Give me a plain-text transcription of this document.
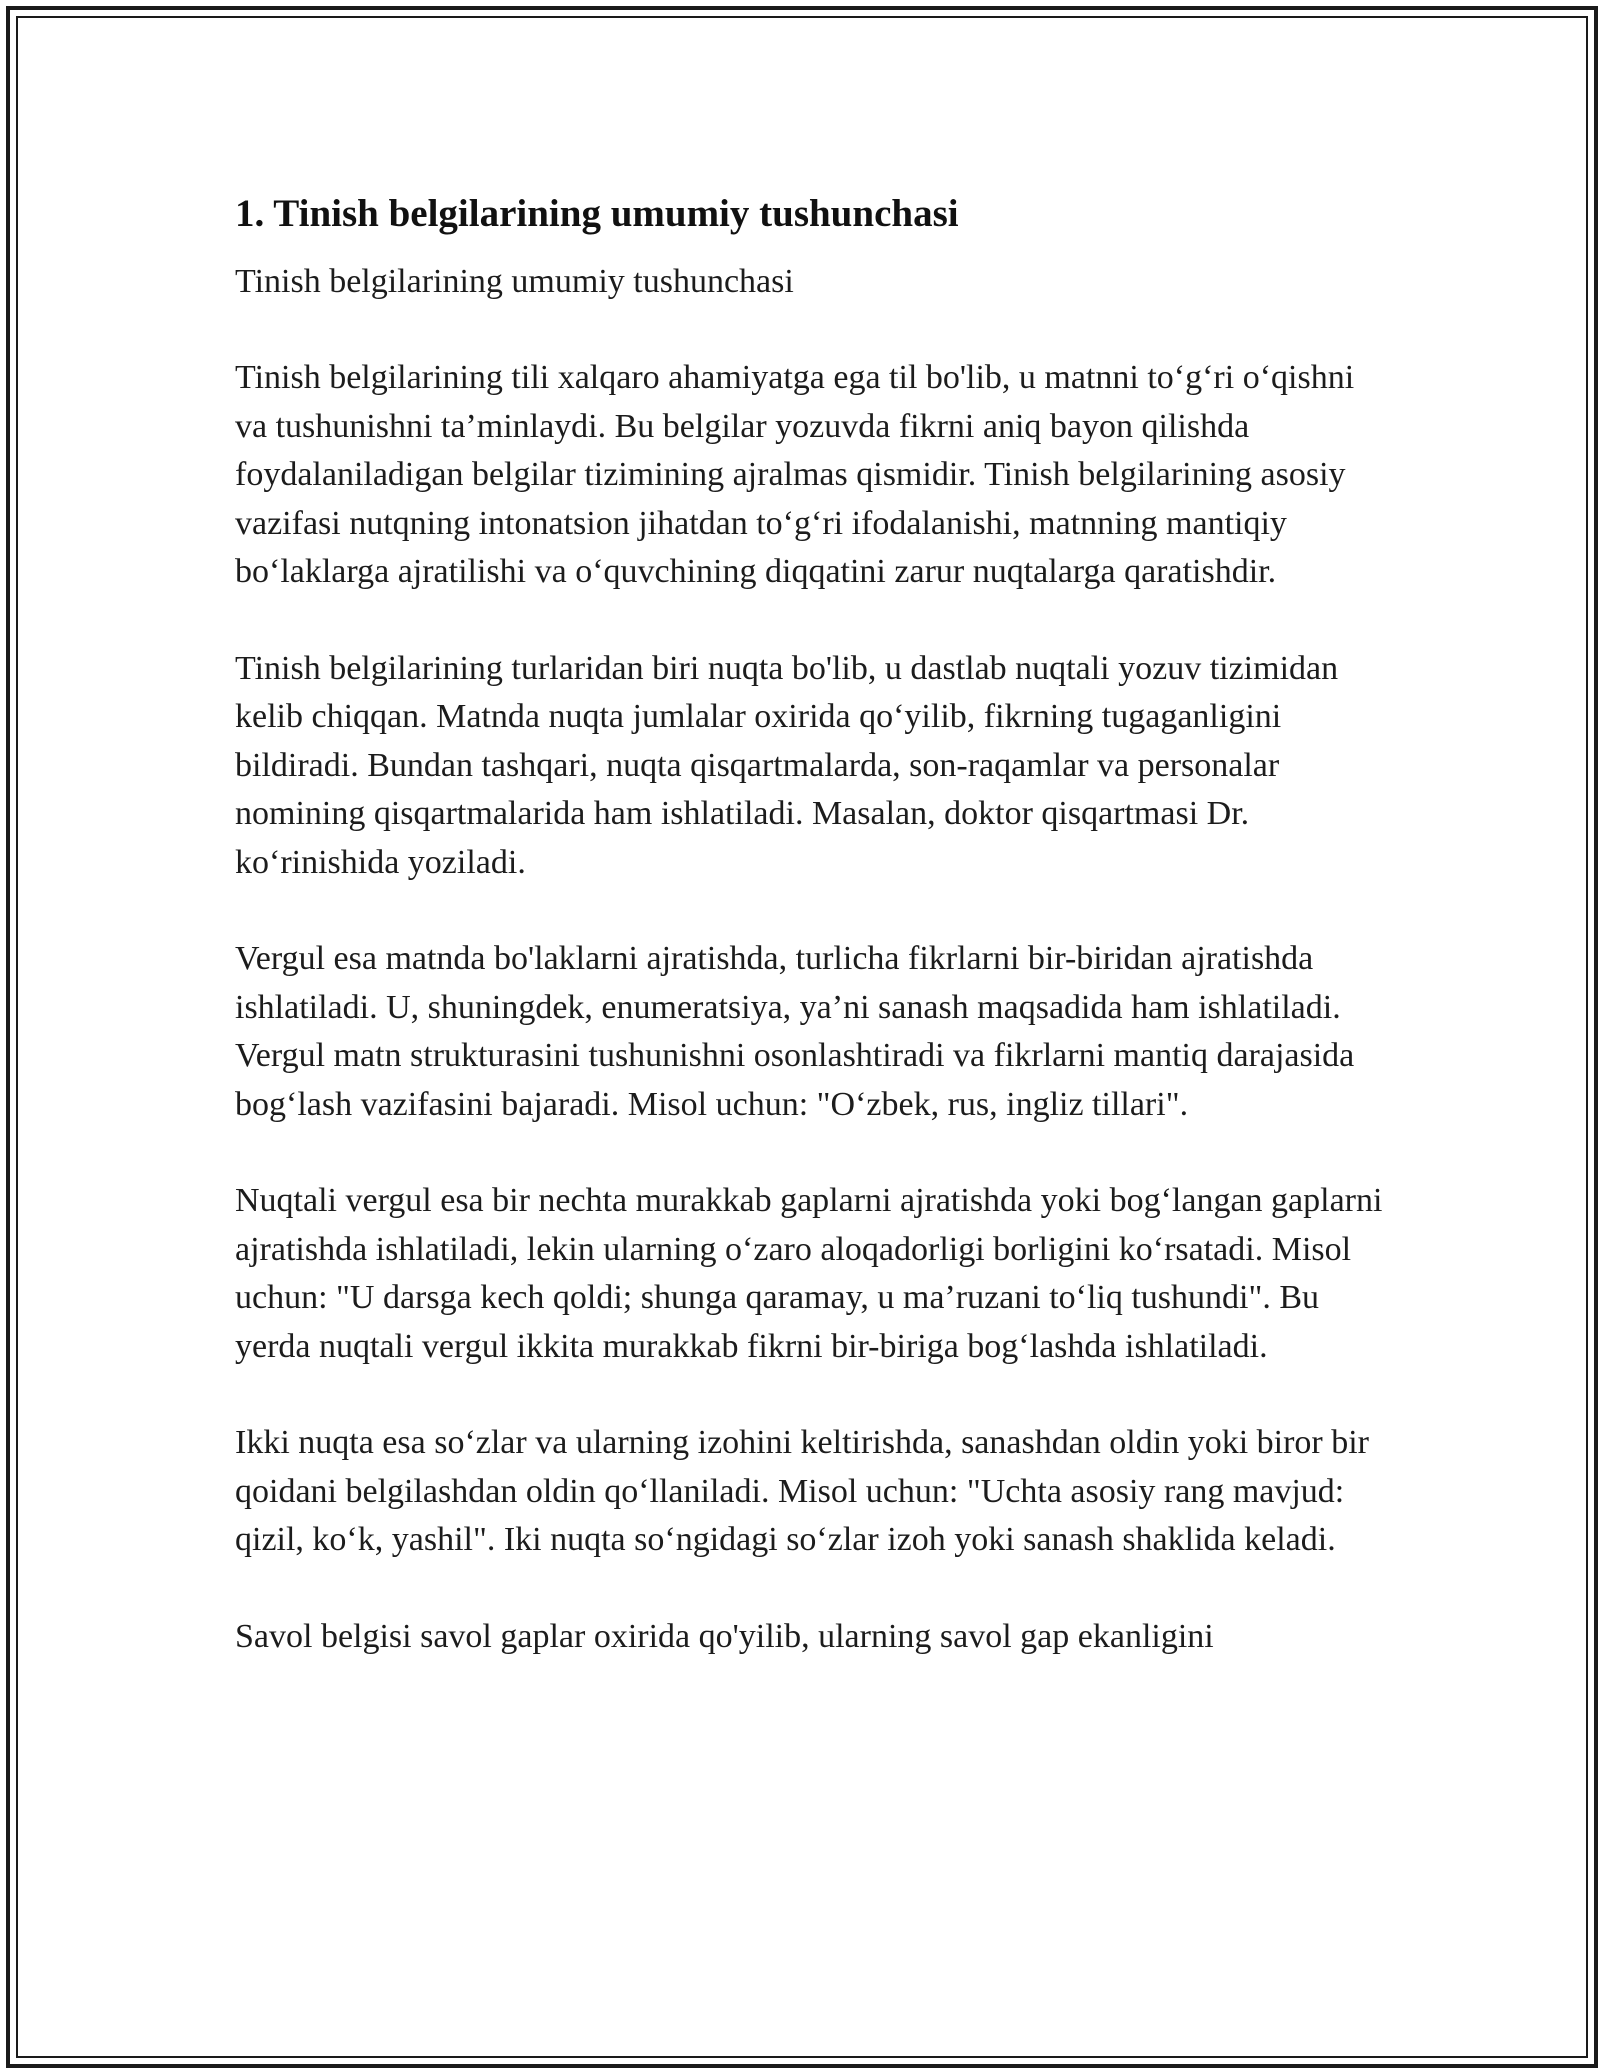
1. Tinish belgilarining umumiy tushunchasi

Tinish belgilarining umumiy tushunchasi

Tinish belgilarining tili xalqaro ahamiyatga ega til bo'lib, u matnni to‘g‘ri o‘qishni va tushunishni ta’minlaydi. Bu belgilar yozuvda fikrni aniq bayon qilishda foydalaniladigan belgilar tizimining ajralmas qismidir. Tinish belgilarining asosiy vazifasi nutqning intonatsion jihatdan to‘g‘ri ifodalanishi, matnning mantiqiy bo‘laklarga ajratilishi va o‘quvchining diqqatini zarur nuqtalarga qaratishdir.

Tinish belgilarining turlaridan biri nuqta bo'lib, u dastlab nuqtali yozuv tizimidan kelib chiqqan. Matnda nuqta jumlalar oxirida qo‘yilib, fikrning tugaganligini bildiradi. Bundan tashqari, nuqta qisqartmalarda, son-raqamlar va personalar nomining qisqartmalarida ham ishlatiladi. Masalan, doktor qisqartmasi Dr. ko‘rinishida yoziladi.

Vergul esa matnda bo'laklarni ajratishda, turlicha fikrlarni bir-biridan ajratishda ishlatiladi. U, shuningdek, enumeratsiya, ya’ni sanash maqsadida ham ishlatiladi. Vergul matn strukturasini tushunishni osonlashtiradi va fikrlarni mantiq darajasida bog‘lash vazifasini bajaradi. Misol uchun: "O‘zbek, rus, ingliz tillari".

Nuqtali vergul esa bir nechta murakkab gaplarni ajratishda yoki bog‘langan gaplarni ajratishda ishlatiladi, lekin ularning o‘zaro aloqadorligi borligini ko‘rsatadi. Misol uchun: "U darsga kech qoldi; shunga qaramay, u ma’ruzani to‘liq tushundi". Bu yerda nuqtali vergul ikkita murakkab fikrni bir-biriga bog‘lashda ishlatiladi.

Ikki nuqta esa so‘zlar va ularning izohini keltirishda, sanashdan oldin yoki biror bir qoidani belgilashdan oldin qo‘llaniladi. Misol uchun: "Uchta asosiy rang mavjud: qizil, ko‘k, yashil". Iki nuqta so‘ngidagi so‘zlar izoh yoki sanash shaklida keladi.

Savol belgisi savol gaplar oxirida qo'yilib, ularning savol gap ekanligini
